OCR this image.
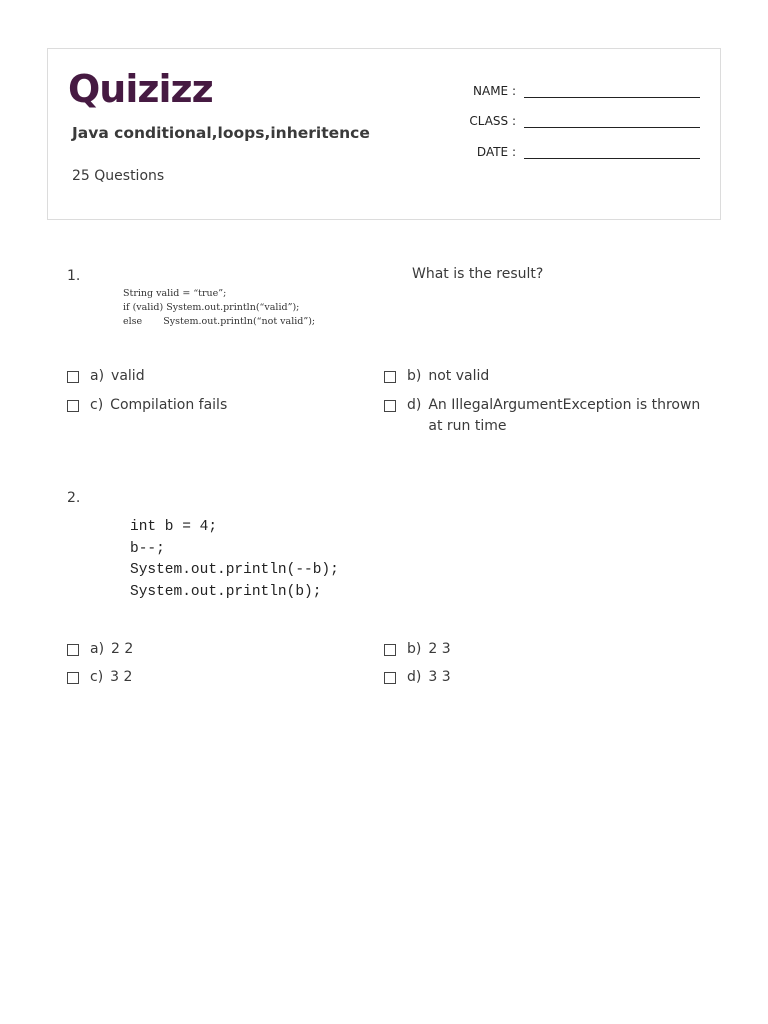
Quizizz
Java conditional,loops,inheritence
25 Questions
NAME :
CLASS :
DATE :
1.
String valid = “true”;
if (valid) System.out.println(“valid”);
else       System.out.println(“not valid”);
What is the result?
a) valid	b) not valid
c) Compilation fails	d) An IllegalArgumentException is thrown at run time
2.
int b = 4;
b--;
System.out.println(--b);
System.out.println(b);
a) 2 2	b) 2 3
c) 3 2	d) 3 3
